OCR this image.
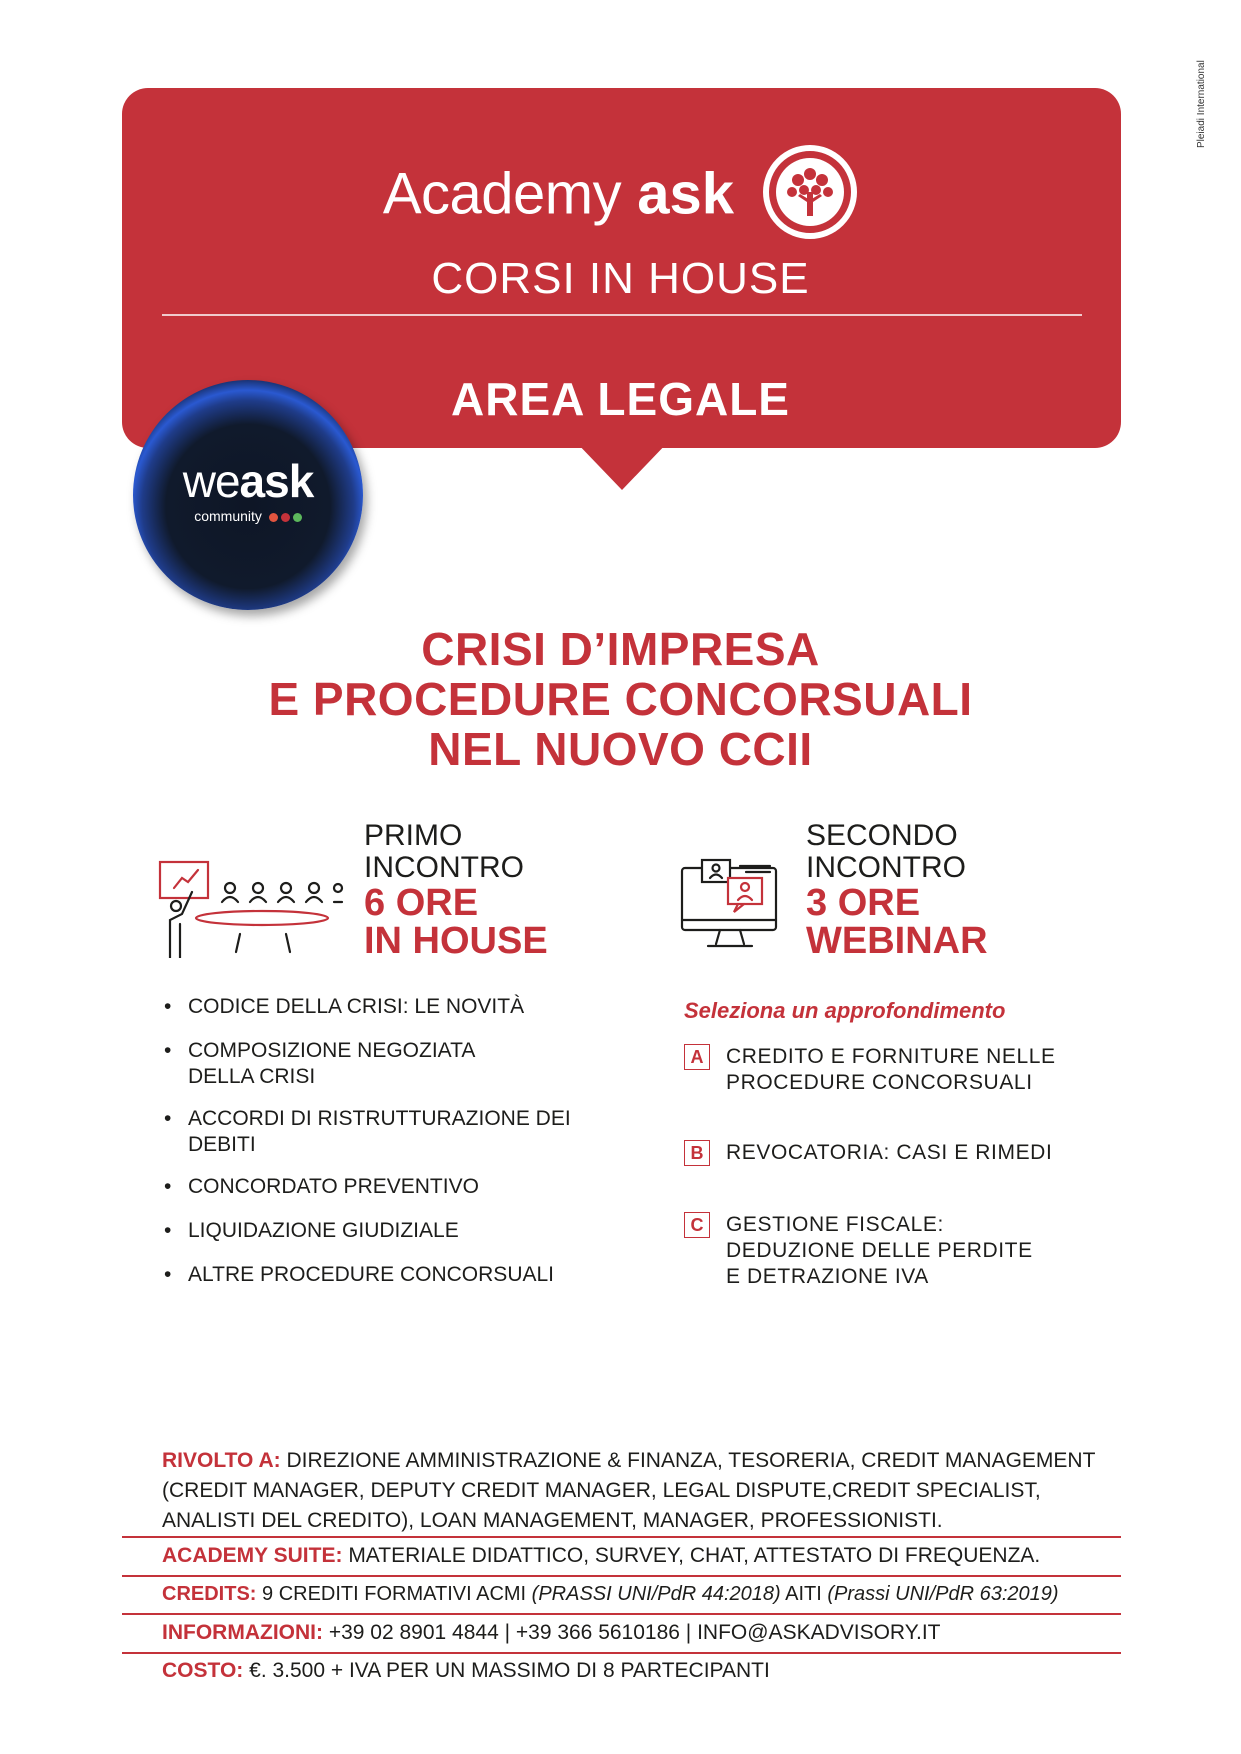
Pleiadi International
Academy ask
CORSI IN HOUSE
AREA LEGALE
weask
community
CRISI D’IMPRESA
E PROCEDURE CONCORSUALI
NEL NUOVO CCII
PRIMO
INCONTRO
6 ORE
IN HOUSE
SECONDO
INCONTRO
3 ORE
WEBINAR
• CODICE DELLA CRISI: LE NOVITÀ
• COMPOSIZIONE NEGOZIATA DELLA CRISI
• ACCORDI DI RISTRUTTURAZIONE DEI DEBITI
• CONCORDATO PREVENTIVO
• LIQUIDAZIONE GIUDIZIALE
• ALTRE PROCEDURE CONCORSUALI
Seleziona un approfondimento
A	CREDITO E FORNITURE NELLE PROCEDURE CONCORSUALI
B	REVOCATORIA: CASI E RIMEDI
C	GESTIONE FISCALE: DEDUZIONE DELLE PERDITE E DETRAZIONE IVA
RIVOLTO A: DIREZIONE AMMINISTRAZIONE & FINANZA, TESORERIA, CREDIT MANAGEMENT (CREDIT MANAGER, DEPUTY CREDIT MANAGER, LEGAL DISPUTE,CREDIT SPECIALIST, ANALISTI DEL CREDITO), LOAN MANAGEMENT, MANAGER, PROFESSIONISTI.
ACADEMY SUITE: MATERIALE DIDATTICO, SURVEY, CHAT, ATTESTATO DI FREQUENZA.
CREDITS: 9 CREDITI FORMATIVI ACMI (PRASSI UNI/PdR 44:2018) AITI (Prassi UNI/PdR 63:2019)
INFORMAZIONI: +39 02 8901 4844 | +39 366 5610186 | INFO@ASKADVISORY.IT
COSTO: €. 3.500 + IVA PER UN MASSIMO DI 8 PARTECIPANTI
